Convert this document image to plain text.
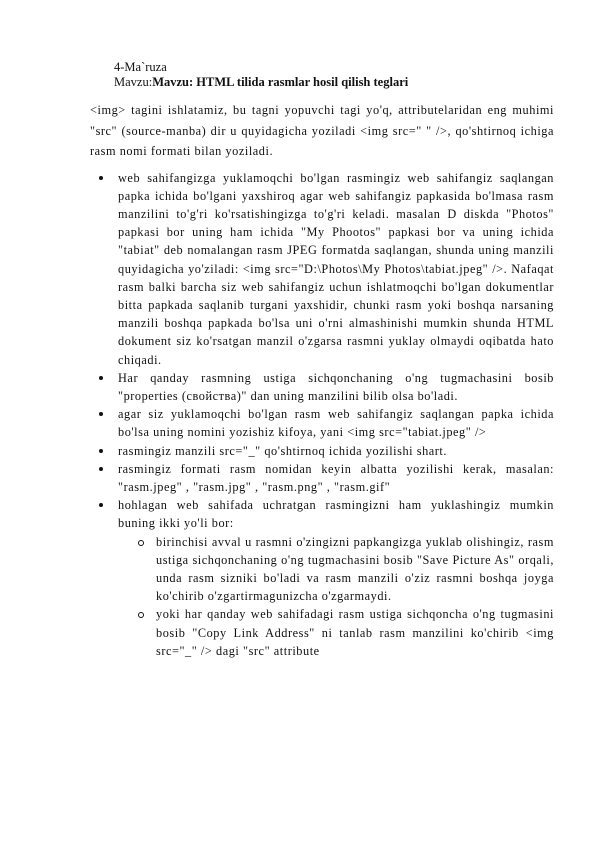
4-Ma`ruza
Mavzu:Mavzu: HTML tilida rasmlar hosil qilish teglari

<img> tagini ishlatamiz, bu tagni yopuvchi tagi yo'q, attributelaridan eng muhimi "src" (source-manba) dir u quyidagicha yoziladi <img src=" " />, qo'shtirnoq ichiga rasm nomi formati bilan yoziladi.

web sahifangizga yuklamoqchi bo'lgan rasmingiz web sahifangiz saqlangan papka ichida bo'lgani yaxshiroq agar web sahifangiz papkasida bo'lmasa rasm manzilini to'g'ri ko'rsatishingizga to'g'ri keladi. masalan D diskda "Photos" papkasi bor uning ham ichida "My Phootos" papkasi bor va uning ichida "tabiat" deb nomalangan rasm JPEG formatda saqlangan, shunda uning manzili quyidagicha yo'ziladi: <img src="D:\Photos\My Photos\tabiat.jpeg" />. Nafaqat rasm balki barcha siz web sahifangiz uchun ishlatmoqchi bo'lgan dokumentlar bitta papkada saqlanib turgani yaxshidir, chunki rasm yoki boshqa narsaning manzili boshqa papkada bo'lsa uni o'rni almashinishi mumkin shunda HTML dokument siz ko'rsatgan manzil o'zgarsa rasmni yuklay olmaydi oqibatda hato chiqadi.
Har qanday rasmning ustiga sichqonchaning o'ng tugmachasini bosib "properties (свойства)" dan uning manzilini bilib olsa bo'ladi.
agar siz yuklamoqchi bo'lgan rasm web sahifangiz saqlangan papka ichida bo'lsa uning nomini yozishiz kifoya, yani <img src="tabiat.jpeg" />
rasmingiz manzili src="_" qo'shtirnoq ichida yozilishi shart.
rasmingiz formati rasm nomidan keyin albatta yozilishi kerak, masalan: "rasm.jpeg" , "rasm.jpg" , "rasm.png" , "rasm.gif"
hohlagan web sahifada uchratgan rasmingizni ham yuklashingiz mumkin buning ikki yo'li bor:
birinchisi avval u rasmni o'zingizni papkangizga yuklab olishingiz, rasm ustiga sichqonchaning o'ng tugmachasini bosib "Save Picture As" orqali, unda rasm sizniki bo'ladi va rasm manzili o'ziz rasmni boshqa joyga ko'chirib o'zgartirmagunizcha o'zgarmaydi.
yoki har qanday web sahifadagi rasm ustiga sichqoncha o'ng tugmasini bosib "Copy Link Address" ni tanlab rasm manzilini ko'chirib <img src="_" /> dagi "src" attribute
